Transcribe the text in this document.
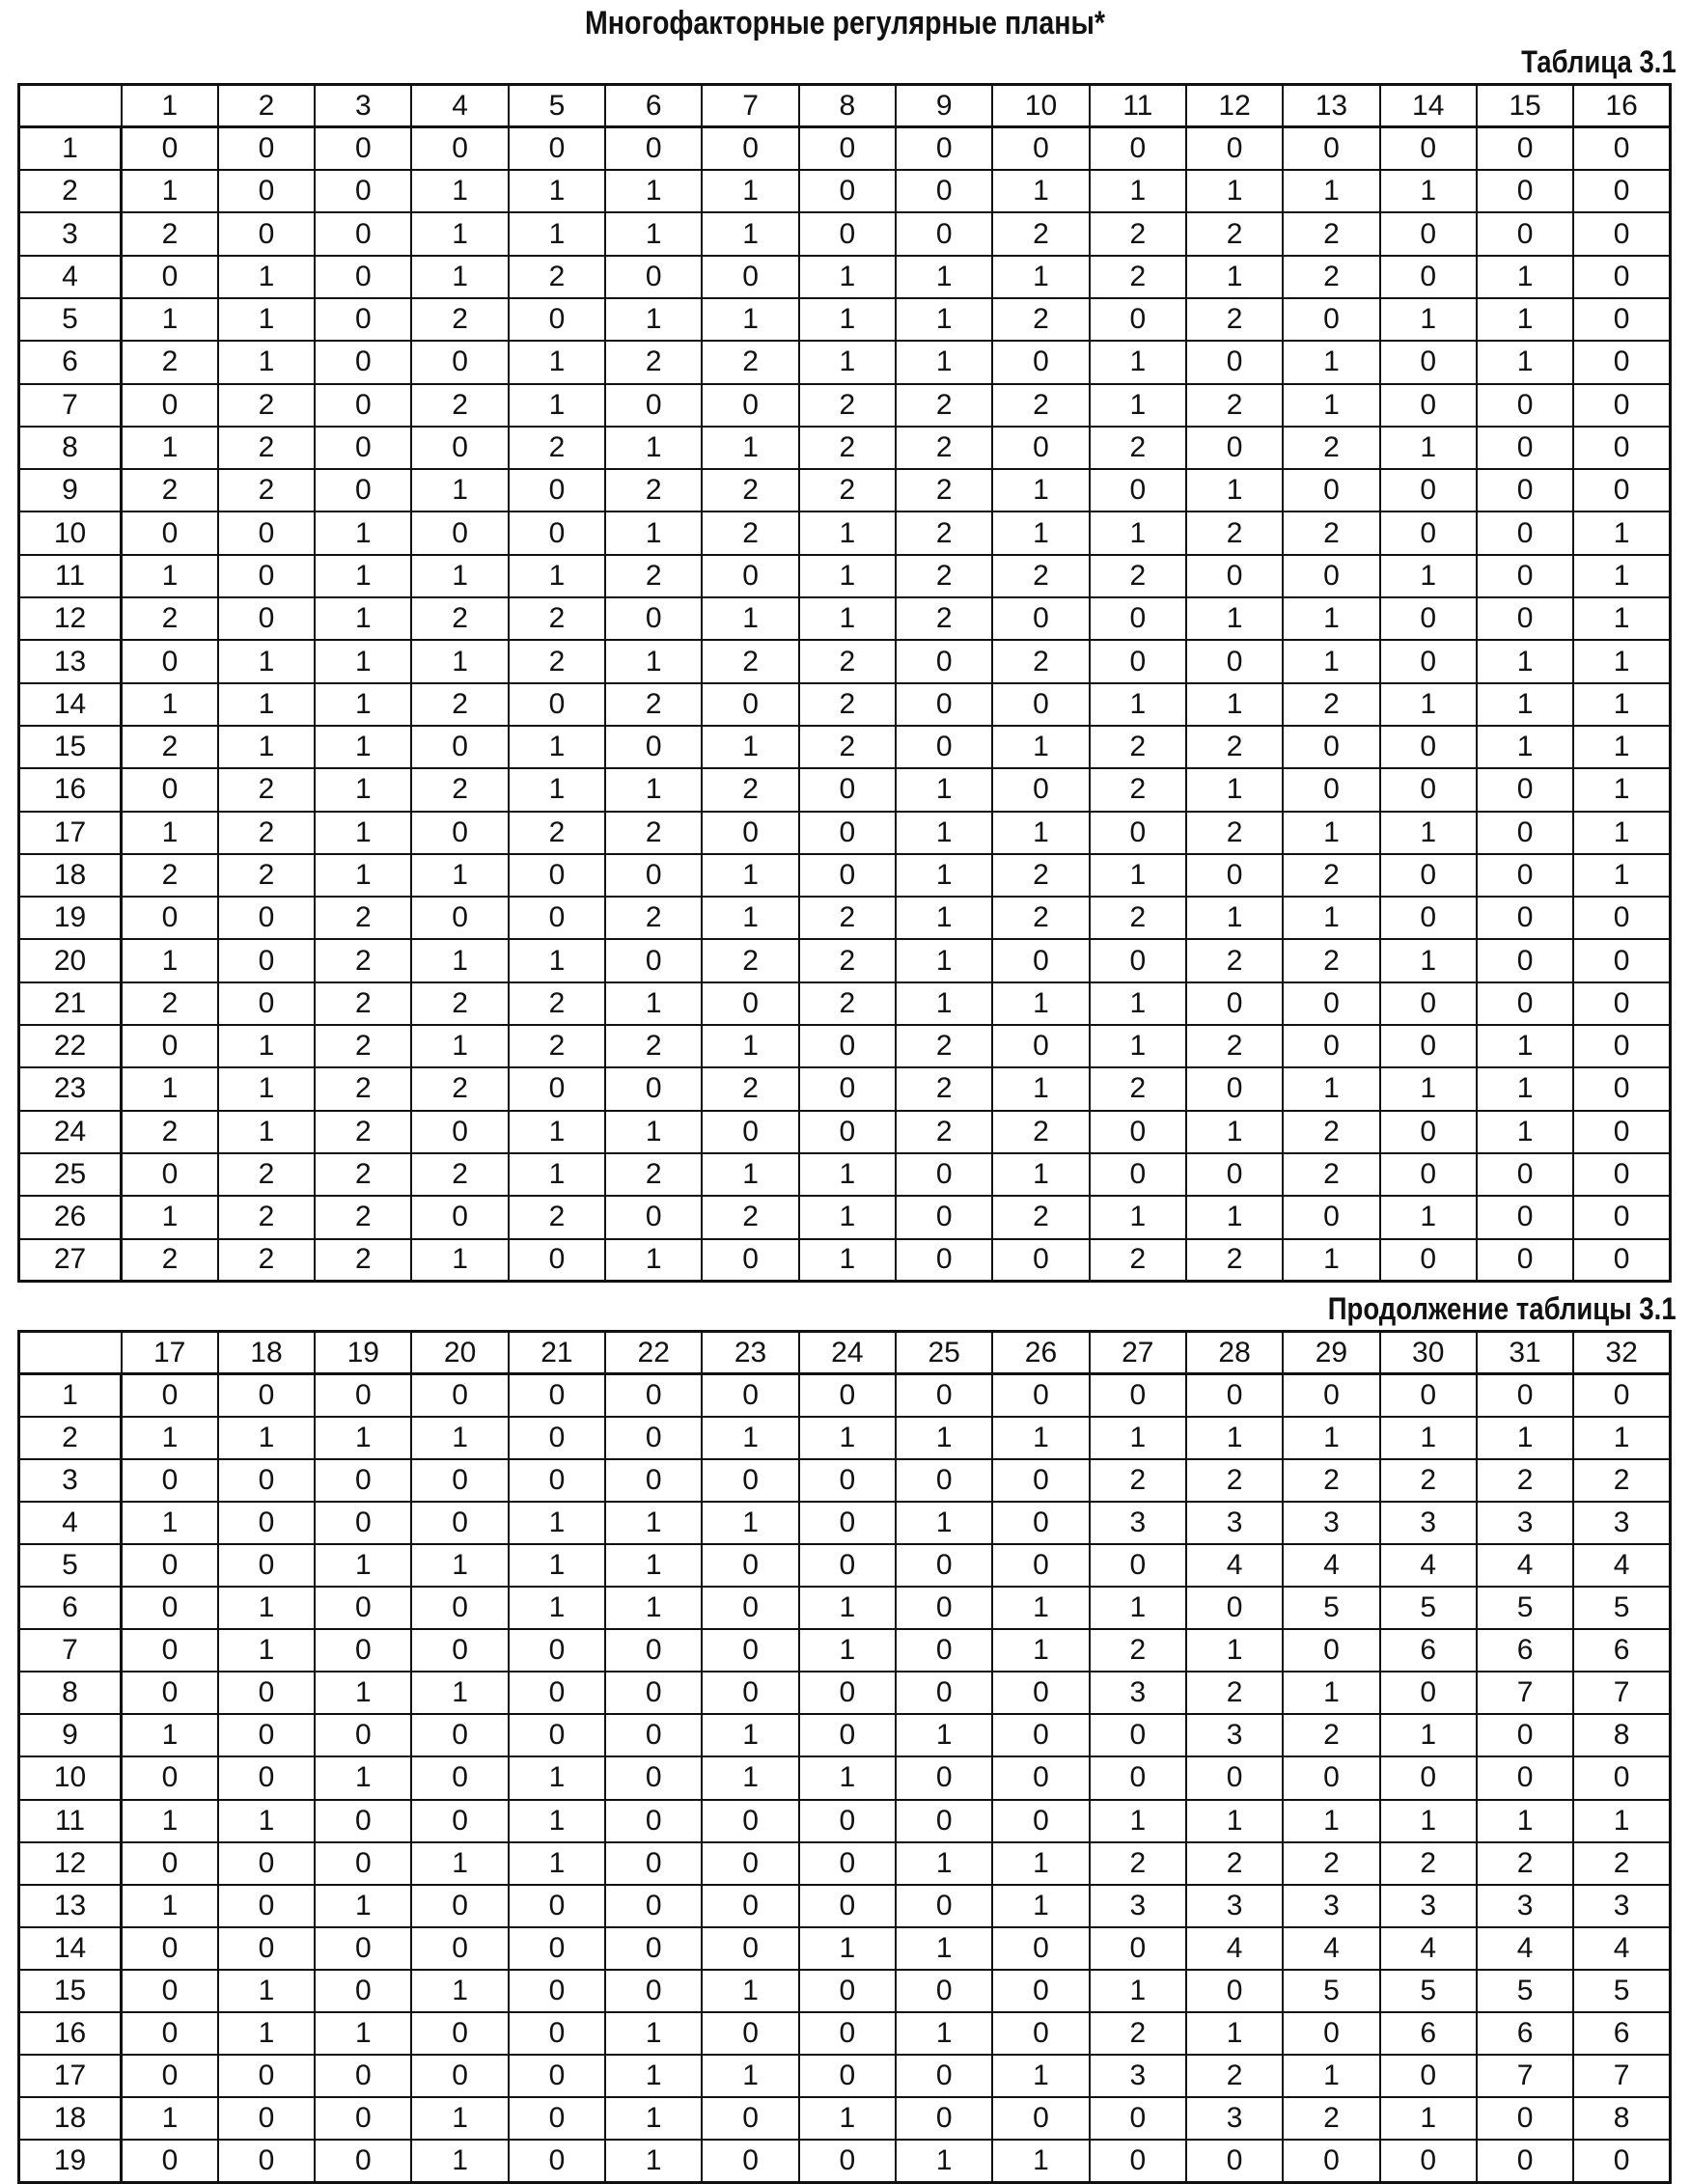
Многофакторные регулярные планы*
Таблица 3.1
	1	2	3	4	5	6	7	8	9	10	11	12	13	14	15	16
1	0	0	0	0	0	0	0	0	0	0	0	0	0	0	0	0
2	1	0	0	1	1	1	1	0	0	1	1	1	1	1	0	0
3	2	0	0	1	1	1	1	0	0	2	2	2	2	0	0	0
4	0	1	0	1	2	0	0	1	1	1	2	1	2	0	1	0
5	1	1	0	2	0	1	1	1	1	2	0	2	0	1	1	0
6	2	1	0	0	1	2	2	1	1	0	1	0	1	0	1	0
7	0	2	0	2	1	0	0	2	2	2	1	2	1	0	0	0
8	1	2	0	0	2	1	1	2	2	0	2	0	2	1	0	0
9	2	2	0	1	0	2	2	2	2	1	0	1	0	0	0	0
10	0	0	1	0	0	1	2	1	2	1	1	2	2	0	0	1
11	1	0	1	1	1	2	0	1	2	2	2	0	0	1	0	1
12	2	0	1	2	2	0	1	1	2	0	0	1	1	0	0	1
13	0	1	1	1	2	1	2	2	0	2	0	0	1	0	1	1
14	1	1	1	2	0	2	0	2	0	0	1	1	2	1	1	1
15	2	1	1	0	1	0	1	2	0	1	2	2	0	0	1	1
16	0	2	1	2	1	1	2	0	1	0	2	1	0	0	0	1
17	1	2	1	0	2	2	0	0	1	1	0	2	1	1	0	1
18	2	2	1	1	0	0	1	0	1	2	1	0	2	0	0	1
19	0	0	2	0	0	2	1	2	1	2	2	1	1	0	0	0
20	1	0	2	1	1	0	2	2	1	0	0	2	2	1	0	0
21	2	0	2	2	2	1	0	2	1	1	1	0	0	0	0	0
22	0	1	2	1	2	2	1	0	2	0	1	2	0	0	1	0
23	1	1	2	2	0	0	2	0	2	1	2	0	1	1	1	0
24	2	1	2	0	1	1	0	0	2	2	0	1	2	0	1	0
25	0	2	2	2	1	2	1	1	0	1	0	0	2	0	0	0
26	1	2	2	0	2	0	2	1	0	2	1	1	0	1	0	0
27	2	2	2	1	0	1	0	1	0	0	2	2	1	0	0	0
Продолжение таблицы 3.1
	17	18	19	20	21	22	23	24	25	26	27	28	29	30	31	32
1	0	0	0	0	0	0	0	0	0	0	0	0	0	0	0	0
2	1	1	1	1	0	0	1	1	1	1	1	1	1	1	1	1
3	0	0	0	0	0	0	0	0	0	0	2	2	2	2	2	2
4	1	0	0	0	1	1	1	0	1	0	3	3	3	3	3	3
5	0	0	1	1	1	1	0	0	0	0	0	4	4	4	4	4
6	0	1	0	0	1	1	0	1	0	1	1	0	5	5	5	5
7	0	1	0	0	0	0	0	1	0	1	2	1	0	6	6	6
8	0	0	1	1	0	0	0	0	0	0	3	2	1	0	7	7
9	1	0	0	0	0	0	1	0	1	0	0	3	2	1	0	8
10	0	0	1	0	1	0	1	1	0	0	0	0	0	0	0	0
11	1	1	0	0	1	0	0	0	0	0	1	1	1	1	1	1
12	0	0	0	1	1	0	0	0	1	1	2	2	2	2	2	2
13	1	0	1	0	0	0	0	0	0	1	3	3	3	3	3	3
14	0	0	0	0	0	0	0	1	1	0	0	4	4	4	4	4
15	0	1	0	1	0	0	1	0	0	0	1	0	5	5	5	5
16	0	1	1	0	0	1	0	0	1	0	2	1	0	6	6	6
17	0	0	0	0	0	1	1	0	0	1	3	2	1	0	7	7
18	1	0	0	1	0	1	0	1	0	0	0	3	2	1	0	8
19	0	0	0	1	0	1	0	0	1	1	0	0	0	0	0	0
